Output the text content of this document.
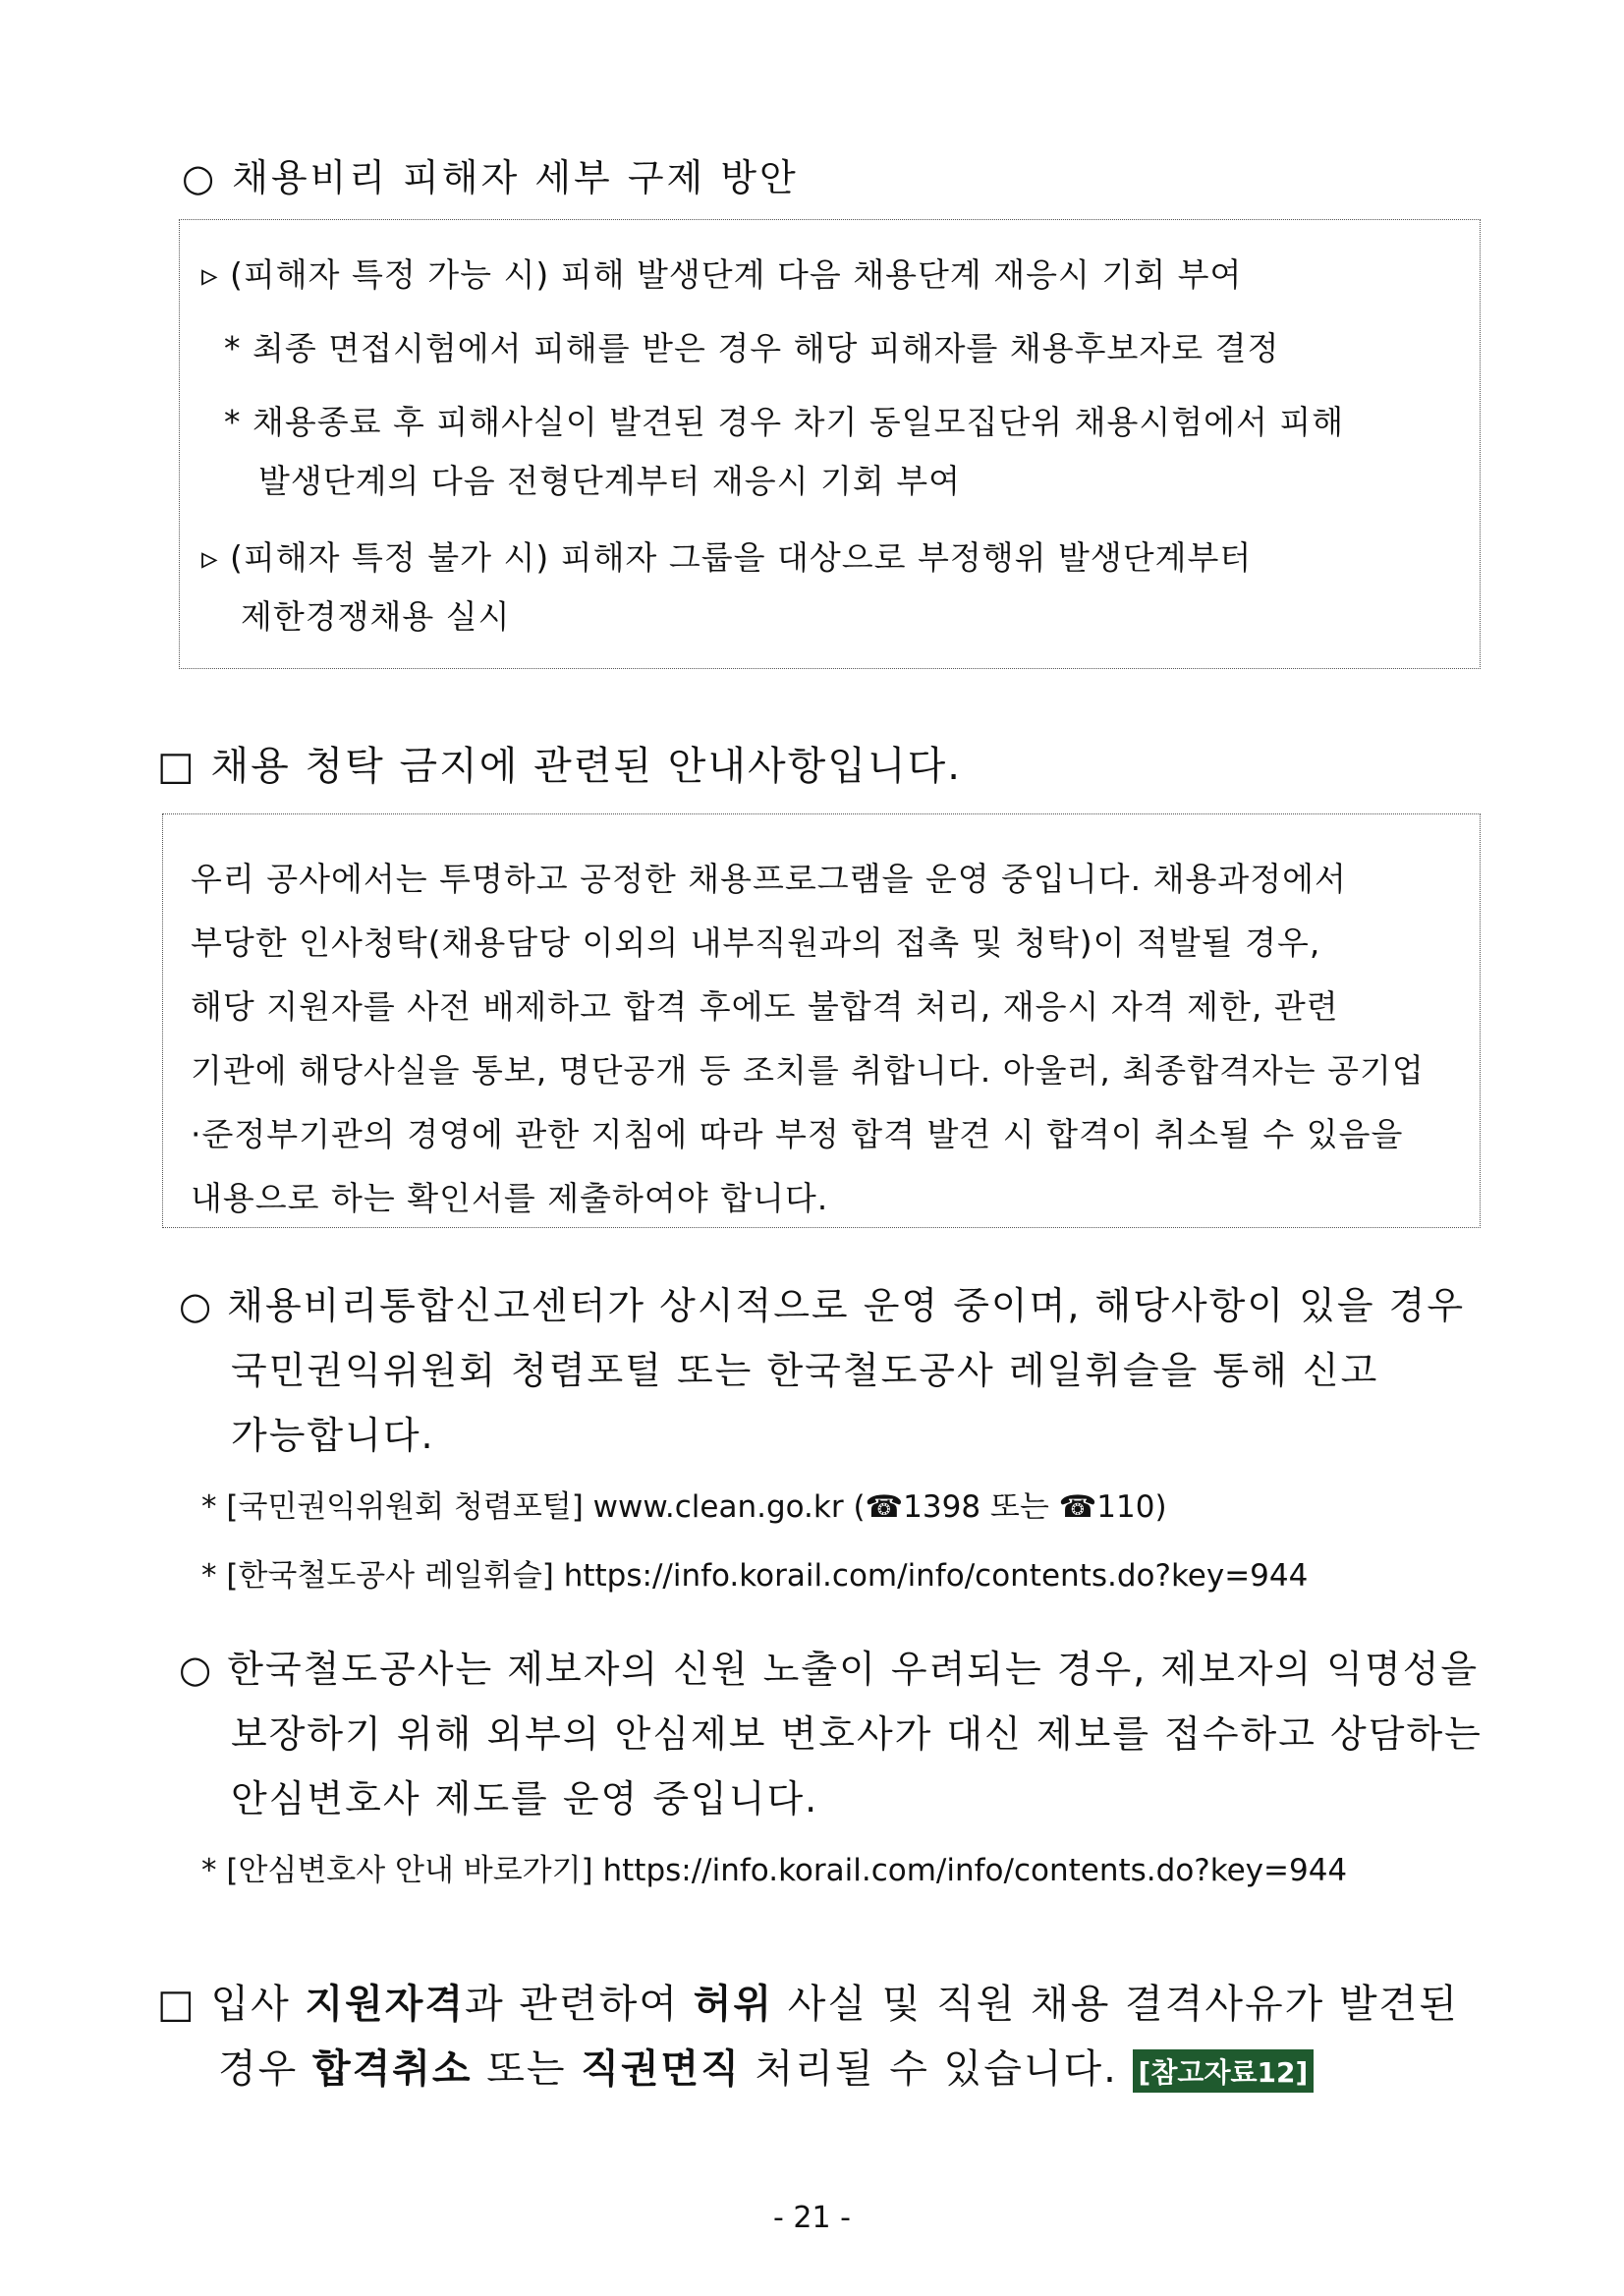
○ 채용비리 피해자 세부 구제 방안
▹ (피해자 특정 가능 시) 피해 발생단계 다음 채용단계 재응시 기회 부여
* 최종 면접시험에서 피해를 받은 경우 해당 피해자를 채용후보자로 결정
* 채용종료 후 피해사실이 발견된 경우 차기 동일모집단위 채용시험에서 피해
발생단계의 다음 전형단계부터 재응시 기회 부여
▹ (피해자 특정 불가 시) 피해자 그룹을 대상으로 부정행위 발생단계부터
제한경쟁채용 실시
□ 채용 청탁 금지에 관련된 안내사항입니다.
우리 공사에서는 투명하고 공정한 채용프로그램을 운영 중입니다. 채용과정에서
부당한 인사청탁(채용담당 이외의 내부직원과의 접촉 및 청탁)이 적발될 경우,
해당 지원자를 사전 배제하고 합격 후에도 불합격 처리, 재응시 자격 제한, 관련
기관에 해당사실을 통보, 명단공개 등 조치를 취합니다. 아울러, 최종합격자는 공기업
·준정부기관의 경영에 관한 지침에 따라 부정 합격 발견 시 합격이 취소될 수 있음을
내용으로 하는 확인서를 제출하여야 합니다.
○ 채용비리통합신고센터가 상시적으로 운영 중이며, 해당사항이 있을 경우
국민권익위원회 청렴포털 또는 한국철도공사 레일휘슬을 통해 신고
가능합니다.
* [국민권익위원회 청렴포털] www.clean.go.kr (☎1398 또는 ☎110)
* [한국철도공사 레일휘슬] https://info.korail.com/info/contents.do?key=944
○ 한국철도공사는 제보자의 신원 노출이 우려되는 경우, 제보자의 익명성을
보장하기 위해 외부의 안심제보 변호사가 대신 제보를 접수하고 상담하는
안심변호사 제도를 운영 중입니다.
* [안심변호사 안내 바로가기] https://info.korail.com/info/contents.do?key=944
□ 입사 지원자격과 관련하여 허위 사실 및 직원 채용 결격사유가 발견된
경우 합격취소 또는 직권면직 처리될 수 있습니다. [참고자료12]
- 21 -
